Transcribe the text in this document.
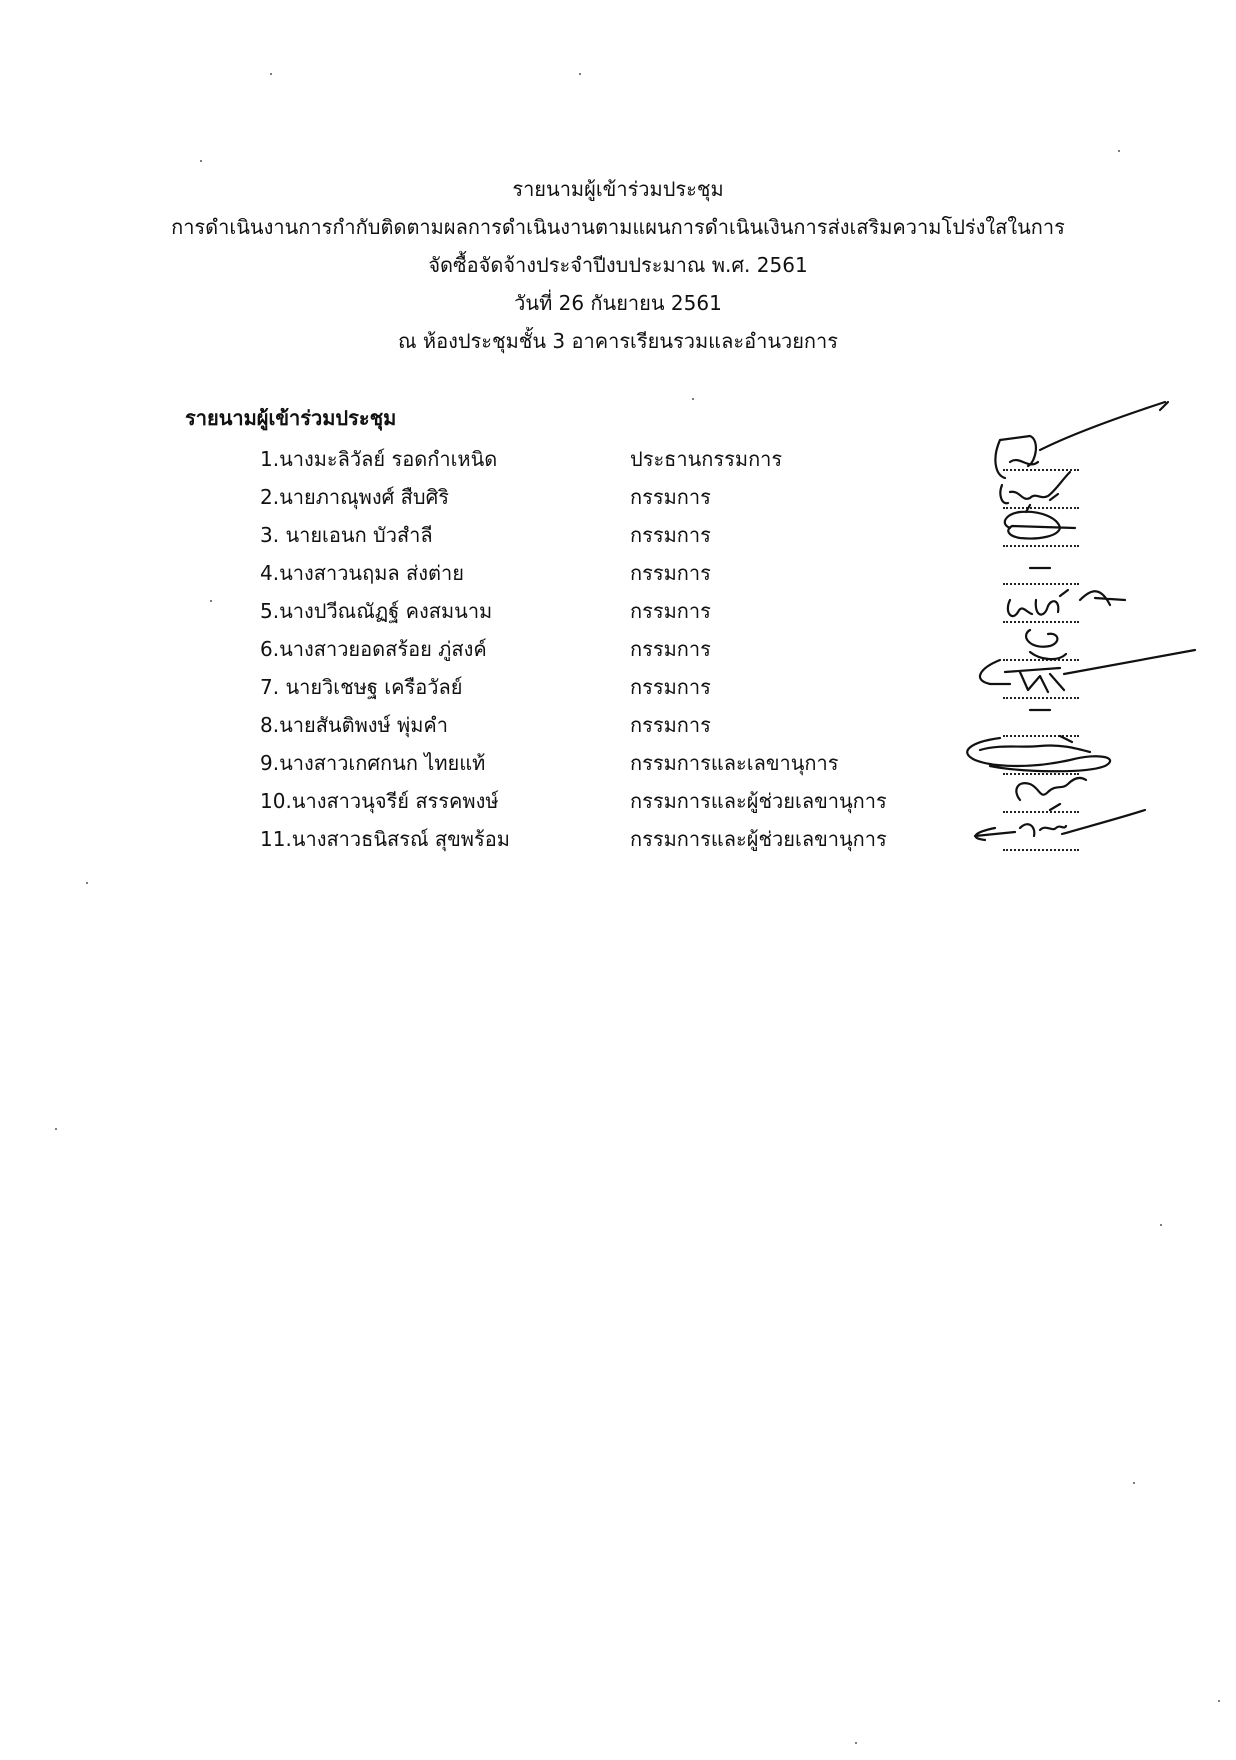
รายนามผู้เข้าร่วมประชุม
การดำเนินงานการกำกับติดตามผลการดำเนินงานตามแผนการดำเนินเงินการส่งเสริมความโปร่งใสในการ
จัดซื้อจัดจ้างประจำปีงบประมาณ พ.ศ. 2561
วันที่ 26 กันยายน 2561
ณ ห้องประชุมชั้น 3 อาคารเรียนรวมและอำนวยการ
รายนามผู้เข้าร่วมประชุม
1.นางมะลิวัลย์ รอดกำเหนิด	ประธานกรรมการ
2.นายภาณุพงศ์ สืบศิริ	กรรมการ
3. นายเอนก บัวสำลี	กรรมการ
4.นางสาวนฤมล ส่งต่าย	กรรมการ
5.นางปวีณณัฏฐ์ คงสมนาม	กรรมการ
6.นางสาวยอดสร้อย ภู่สงค์	กรรมการ
7. นายวิเชษฐ เครือวัลย์	กรรมการ
8.นายสันติพงษ์ พุ่มคำ	กรรมการ
9.นางสาวเกศกนก ไทยแท้	กรรมการและเลขานุการ
10.นางสาวนุจรีย์ สรรคพงษ์	กรรมการและผู้ช่วยเลขานุการ
11.นางสาวธนิสรณ์ สุขพร้อม	กรรมการและผู้ช่วยเลขานุการ
